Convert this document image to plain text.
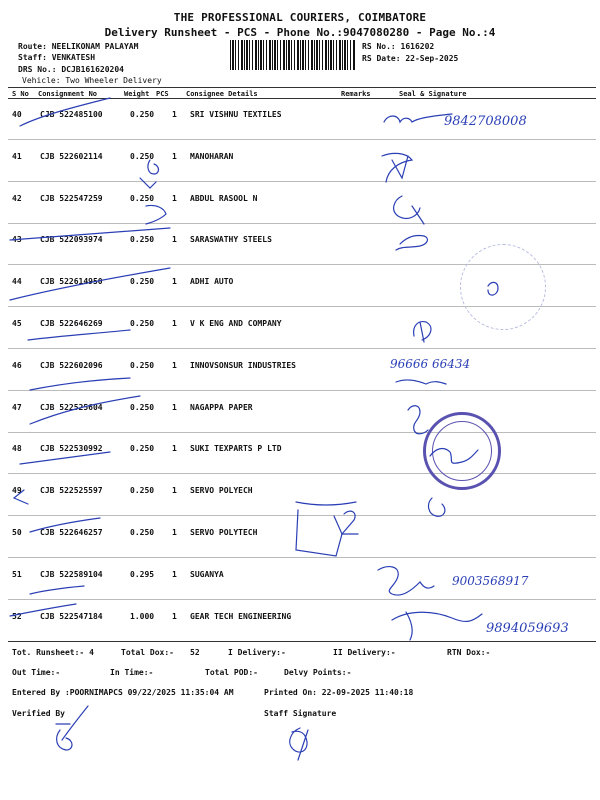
THE PROFESSIONAL COURIERS, COIMBATORE
Delivery Runsheet - PCS - Phone No.:9047080280 - Page No.:4
Route: NEELIKONAM PALAYAM
Staff: VENKATESH
DRS No.: DCJB161620204
Vehicle: Two Wheeler Delivery
RS No.: 1616202
RS Date: 22-Sep-2025
S No Consignment No	Weight PCS Consignee Details	Remarks	Seal & Signature
40 CJB 522485100	0.250 1 SRI VISHNU TEXTILES
41 CJB 522602114	0.250 1 MANOHARAN
42 CJB 522547259	0.250 1 ABDUL RASOOL N
43 CJB 522093974	0.250 1 SARASWATHY STEELS
44 CJB 522614950	0.250 1 ADHI AUTO
45 CJB 522646269	0.250 1 V K ENG AND COMPANY
46 CJB 522602096	0.250 1 INNOVSONSUR INDUSTRIES
47 CJB 522525604	0.250 1 NAGAPPA PAPER
48 CJB 522530992	0.250 1 SUKI TEXPARTS P LTD
49 CJB 522525597	0.250 1 SERVO POLYECH
50 CJB 522646257	0.250 1 SERVO POLYTECH
51 CJB 522589104	0.295 1 SUGANYA
52 CJB 522547184	1.000 1 GEAR TECH ENGINEERING
Tot. Runsheet:- 4	Total Dox:- 52	I Delivery:-	II Delivery:-	RTN Dox:-
Out Time:-	In Time:-	Total POD:-	Delvy Points:-
Entered By :POORNIMAPCS 09/22/2025 11:35:04 AM	Printed On: 22-09-2025 11:40:18
Verified By	Staff Signature
9842708008
96666 66434
9003568917
9894059693
